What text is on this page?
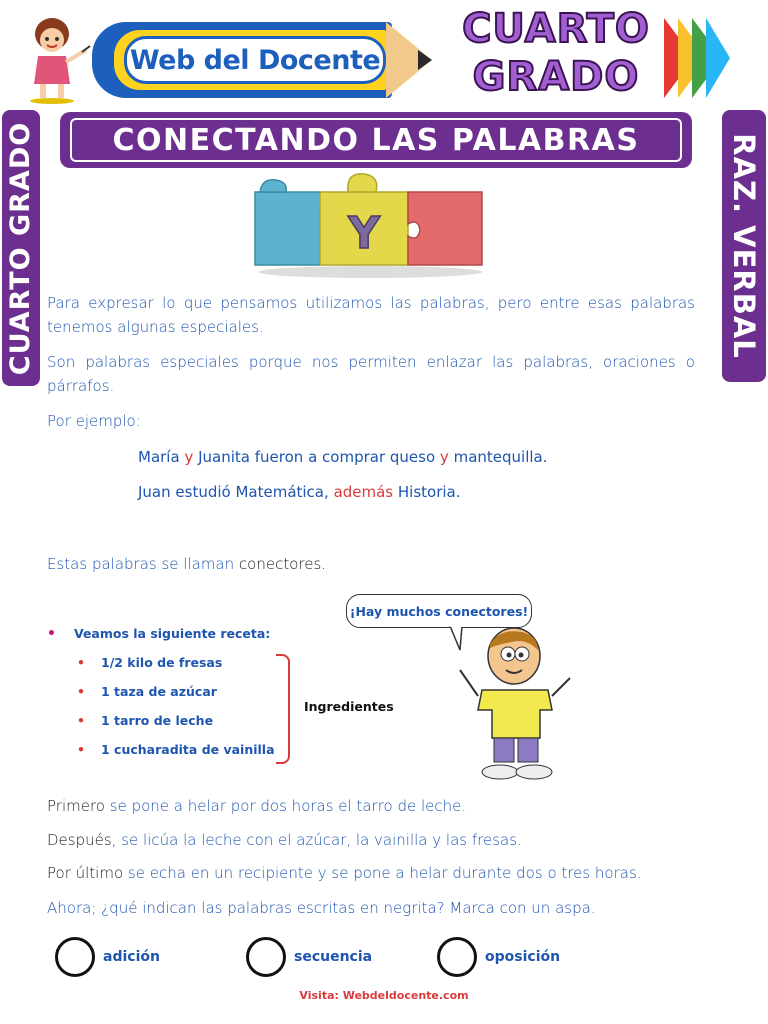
Web del Docente
CUARTO
GRADO
CONECTANDO LAS PALABRAS
CUARTO GRADO	RAZ. VERBAL
Y
Para expresar lo que pensamos utilizamos las palabras, pero entre esas palabras tenemos algunas especiales.
Son palabras especiales porque nos permiten enlazar las palabras, oraciones o párrafos.
Por ejemplo:
María y Juanita fueron a comprar queso y mantequilla.
Juan estudió Matemática, además Historia.
Estas palabras se llaman conectores.
• Veamos la siguiente receta:
• 1/2 kilo de fresas
• 1 taza de azúcar
• 1 tarro de leche
• 1 cucharadita de vainilla
Ingredientes
¡Hay muchos conectores!
Primero se pone a helar por dos horas el tarro de leche.
Después, se licúa la leche con el azúcar, la vainilla y las fresas.
Por último se echa en un recipiente y se pone a helar durante dos o tres horas.
Ahora; ¿qué indican las palabras escritas en negrita? Marca con un aspa.
adición	secuencia	oposición
Visita: Webdeldocente.com
